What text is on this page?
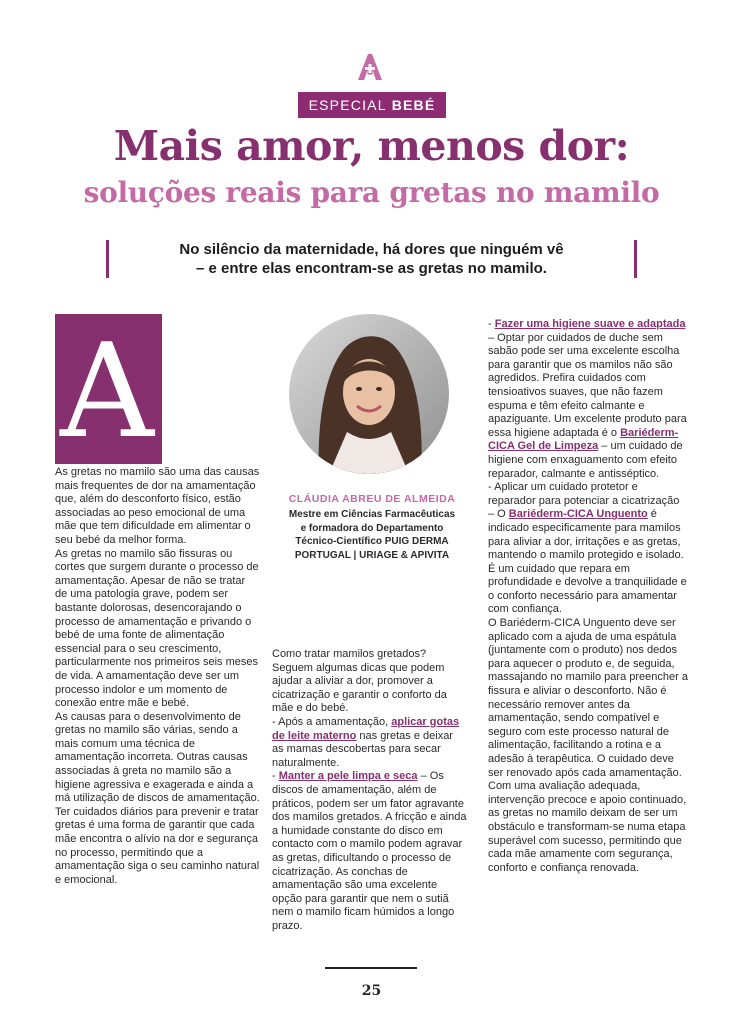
ESPECIAL BEBÉ
Mais amor, menos dor:
soluções reais para gretas no mamilo
No silêncio da maternidade, há dores que ninguém vê
– e entre elas encontram-se as gretas no mamilo.
A

As gretas no mamilo são uma das causas mais frequentes de dor na amamentação que, além do desconforto físico, estão associadas ao peso emocional de uma mãe que tem dificuldade em alimentar o seu bebé da melhor forma.

As gretas no mamilo são fissuras ou cortes que surgem durante o processo de amamentação. Apesar de não se tratar de uma patologia grave, podem ser bastante dolorosas, desencorajando o processo de amamentação e privando o bebé de uma fonte de alimentação essencial para o seu crescimento, particularmente nos primeiros seis meses de vida. A amamentação deve ser um processo indolor e um momento de conexão entre mãe e bebé.

As causas para o desenvolvimento de gretas no mamilo são várias, sendo a mais comum uma técnica de amamentação incorreta. Outras causas associadas à greta no mamilo são a higiene agressiva e exagerada e ainda a má utilização de discos de amamentação.

Ter cuidados diários para prevenir e tratar gretas é uma forma de garantir que cada mãe encontra o alívio na dor e segurança no processo, permitindo que a amamentação siga o seu caminho natural e emocional.

CLÁUDIA ABREU DE ALMEIDA
Mestre em Ciências Farmacêuticas
e formadora do Departamento
Técnico-Científico PUIG DERMA
PORTUGAL | URIAGE & APIVITA

Como tratar mamilos gretados? Seguem algumas dicas que podem ajudar a aliviar a dor, promover a cicatrização e garantir o conforto da mãe e do bebé.

- Após a amamentação, aplicar gotas de leite materno nas gretas e deixar as mamas descobertas para secar naturalmente.

- Manter a pele limpa e seca – Os discos de amamentação, além de práticos, podem ser um fator agravante dos mamilos gretados. A fricção e ainda a humidade constante do disco em contacto com o mamilo podem agravar as gretas, dificultando o processo de cicatrização. As conchas de amamentação são uma excelente opção para garantir que nem o sutiã nem o mamilo ficam húmidos a longo prazo.

- Fazer uma higiene suave e adaptada – Optar por cuidados de duche sem sabão pode ser uma excelente escolha para garantir que os mamilos não são agredidos. Prefira cuidados com tensioativos suaves, que não fazem espuma e têm efeito calmante e apaziguante. Um excelente produto para essa higiene adaptada é o Bariéderm-CICA Gel de Limpeza – um cuidado de higiene com enxaguamento com efeito reparador, calmante e antisséptico.

- Aplicar um cuidado protetor e reparador para potenciar a cicatrização – O Bariéderm-CICA Unguento é indicado especificamente para mamilos para aliviar a dor, irritações e as gretas, mantendo o mamilo protegido e isolado. É um cuidado que repara em profundidade e devolve a tranquilidade e o conforto necessário para amamentar com confiança.

O Bariéderm-CICA Unguento deve ser aplicado com a ajuda de uma espátula (juntamente com o produto) nos dedos para aquecer o produto e, de seguida, massajando no mamilo para preencher a fissura e aliviar o desconforto. Não é necessário remover antes da amamentação, sendo compatível e seguro com este processo natural de alimentação, facilitando a rotina e a adesão à terapêutica. O cuidado deve ser renovado após cada amamentação.

Com uma avaliação adequada, intervenção precoce e apoio continuado, as gretas no mamilo deixam de ser um obstáculo e transformam-se numa etapa superável com sucesso, permitindo que cada mãe amamente com segurança, conforto e confiança renovada.

25
